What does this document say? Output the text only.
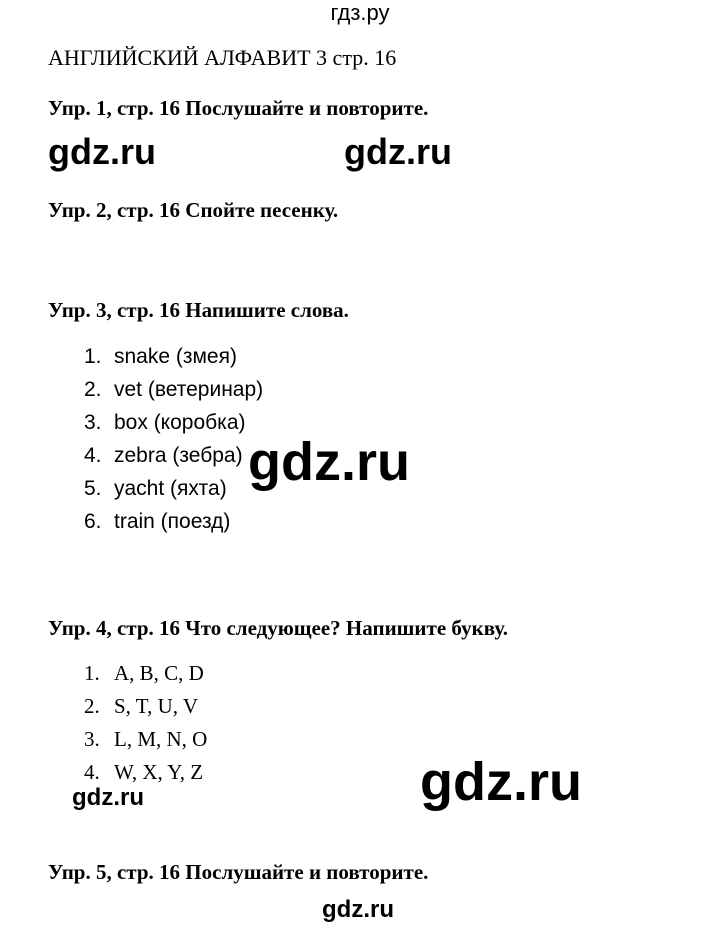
гдз.ру
АНГЛИЙСКИЙ АЛФАВИТ 3 стр. 16
Упр. 1, стр. 16 Послушайте и повторите.
gdz.ru	gdz.ru
Упр. 2, стр. 16 Спойте песенку.
Упр. 3, стр. 16 Напишите слова.
1. snake (змея)
2. vet (ветеринар)
3. box (коробка)
4. zebra (зебра)
5. yacht (яхта)
6. train (поезд)
gdz.ru
Упр. 4, стр. 16 Что следующее? Напишите букву.
1. A, B, C, D
2. S, T, U, V
3. L, M, N, O
4. W, X, Y, Z	gdz.ru
gdz.ru
Упр. 5, стр. 16 Послушайте и повторите.
gdz.ru
